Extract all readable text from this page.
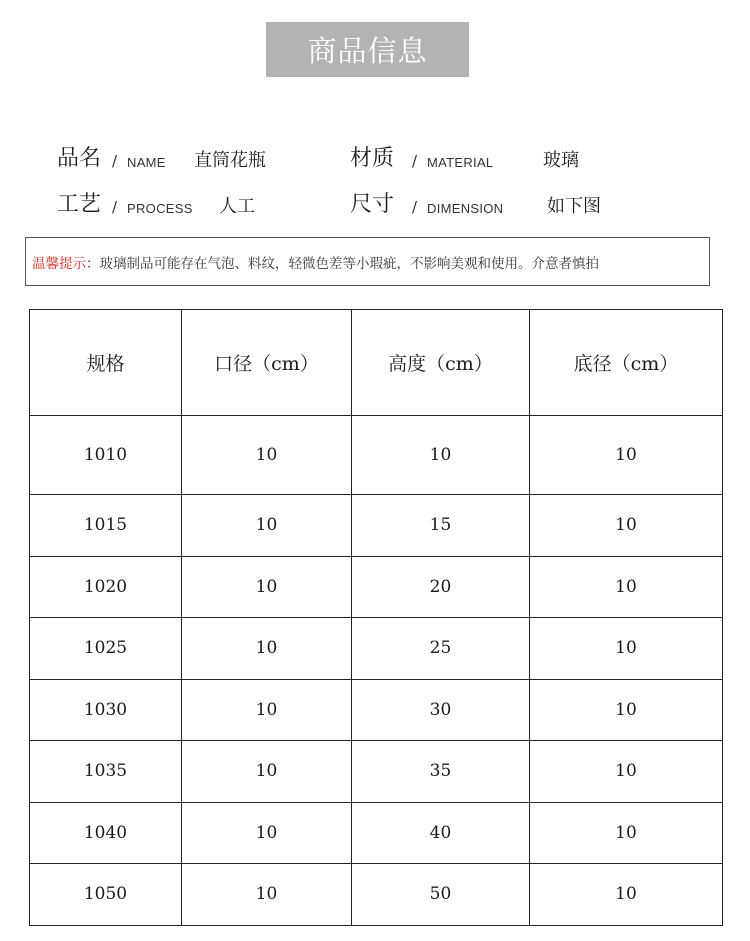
商品信息
品名 / NAME 直筒花瓶	材质 / MATERIAL	玻璃
工艺 / PROCESS 人工	尺寸 / DIMENSION 如下图
温馨提示 ：玻璃制品可能存在气泡、料纹，轻微色差等小瑕疵，不影响美观和使用。介意者慎拍
规格	口径（cm）	高度（cm）	底径（cm）
1010	10	10	10
1015	10	15	10
1020	10	20	10
1025	10	25	10
1030	10	30	10
1035	10	35	10
1040	10	40	10
1050	10	50	10
